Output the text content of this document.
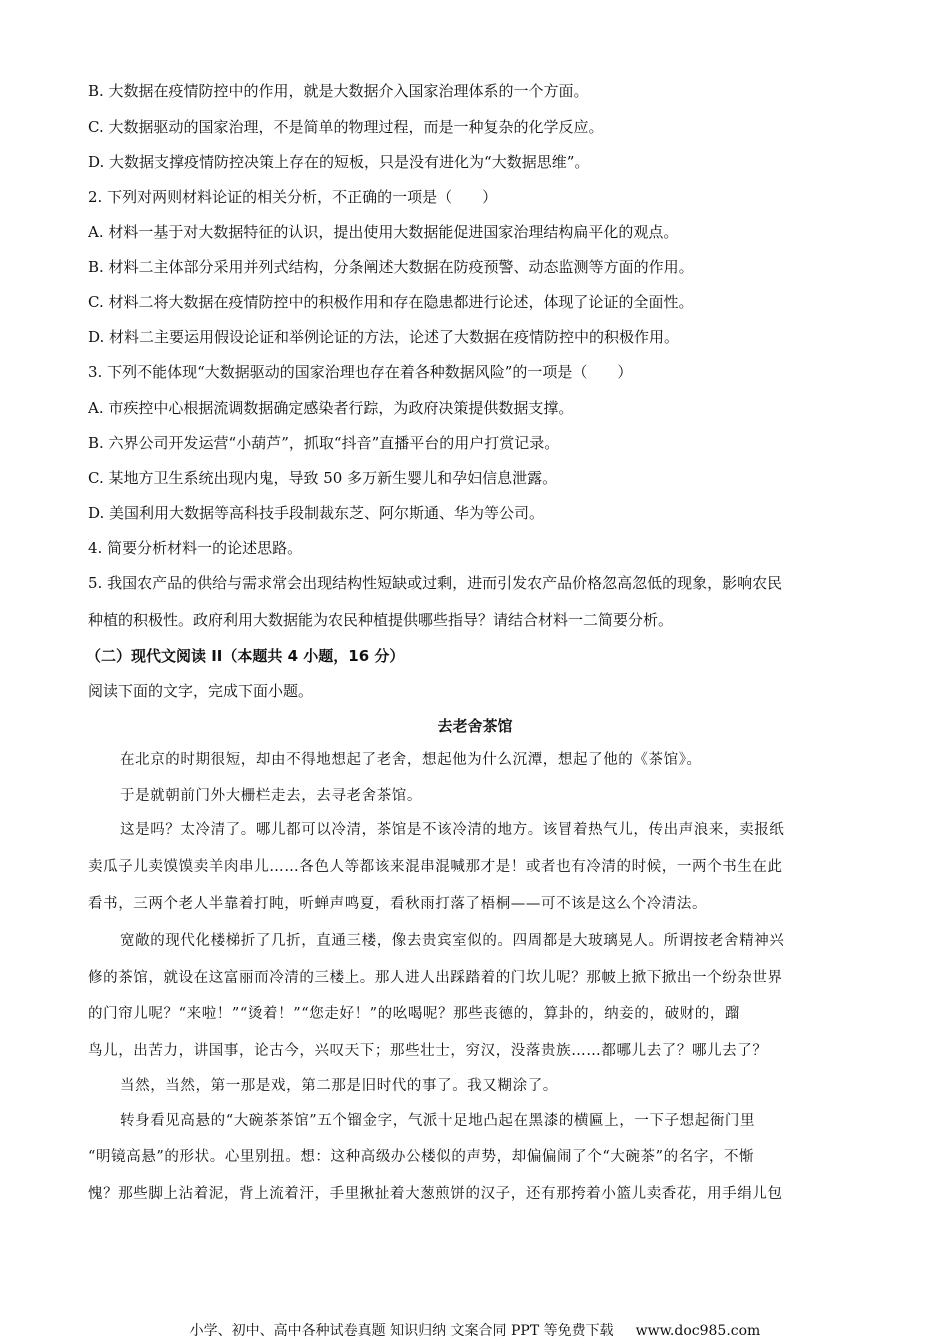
B. 大数据在疫情防控中的作用，就是大数据介入国家治理体系的一个方面。
C. 大数据驱动的国家治理，不是简单的物理过程，而是一种复杂的化学反应。
D. 大数据支撑疫情防控决策上存在的短板，只是没有进化为“大数据思维”。
2. 下列对两则材料论证的相关分析，不正确的一项是（　　）
A. 材料一基于对大数据特征的认识，提出使用大数据能促进国家治理结构扁平化的观点。
B. 材料二主体部分采用并列式结构，分条阐述大数据在防疫预警、动态监测等方面的作用。
C. 材料二将大数据在疫情防控中的积极作用和存在隐患都进行论述，体现了论证的全面性。
D. 材料二主要运用假设论证和举例论证的方法，论述了大数据在疫情防控中的积极作用。
3. 下列不能体现“大数据驱动的国家治理也存在着各种数据风险”的一项是（　　）
A. 市疾控中心根据流调数据确定感染者行踪，为政府决策提供数据支撑。
B. 六界公司开发运营“小葫芦”，抓取“抖音”直播平台的用户打赏记录。
C. 某地方卫生系统出现内鬼，导致 50 多万新生婴儿和孕妇信息泄露。
D. 美国利用大数据等高科技手段制裁东芝、阿尔斯通、华为等公司。
4. 简要分析材料一的论述思路。
5. 我国农产品的供给与需求常会出现结构性短缺或过剩，进而引发农产品价格忽高忽低的现象，影响农民
种植的积极性。政府利用大数据能为农民种植提供哪些指导？请结合材料一二简要分析。
（二）现代文阅读 II（本题共 4 小题，16 分）
阅读下面的文字，完成下面小题。
去老舍茶馆
在北京的时期很短，却由不得地想起了老舍，想起他为什么沉潭，想起了他的《茶馆》。
于是就朝前门外大栅栏走去，去寻老舍茶馆。
这是吗？太冷清了。哪儿都可以冷清，茶馆是不该冷清的地方。该冒着热气儿，传出声浪来，卖报纸
卖瓜子儿卖馍馍卖羊肉串儿……各色人等都该来混串混喊那才是！或者也有冷清的时候，一两个书生在此
看书，三两个老人半靠着打盹，听蝉声鸣夏，看秋雨打落了梧桐——可不该是这么个冷清法。
宽敞的现代化楼梯折了几折，直通三楼，像去贵宾室似的。四周都是大玻璃晃人。所谓按老舍精神兴
修的茶馆，就设在这富丽而冷清的三楼上。那人进人出踩踏着的门坎儿呢？那帔上掀下掀出一个纷杂世界
的门帘儿呢？“来啦！”“烫着！”“您走好！”的吆喝呢？那些丧德的，算卦的，纳妾的，破财的，蹓
鸟儿，出苦力，讲国事，论古今，兴叹天下；那些壮士，穷汉，没落贵族……都哪儿去了？哪儿去了？
当然，当然，第一那是戏，第二那是旧时代的事了。我又糊涂了。
转身看见高悬的“大碗茶茶馆”五个镏金字，气派十足地凸起在黑漆的横匾上，一下子想起衙门里
“明镜高悬”的形状。心里别扭。想：这种高级办公楼似的声势，却偏偏闹了个“大碗茶”的名字，不惭
愧？那些脚上沾着泥，背上流着汗，手里揪扯着大葱煎饼的汉子，还有那挎着小篮儿卖香花，用手绢儿包
小学、初中、高中各种试卷真题 知识归纳 文案合同 PPT 等免费下载 www.doc985.com
